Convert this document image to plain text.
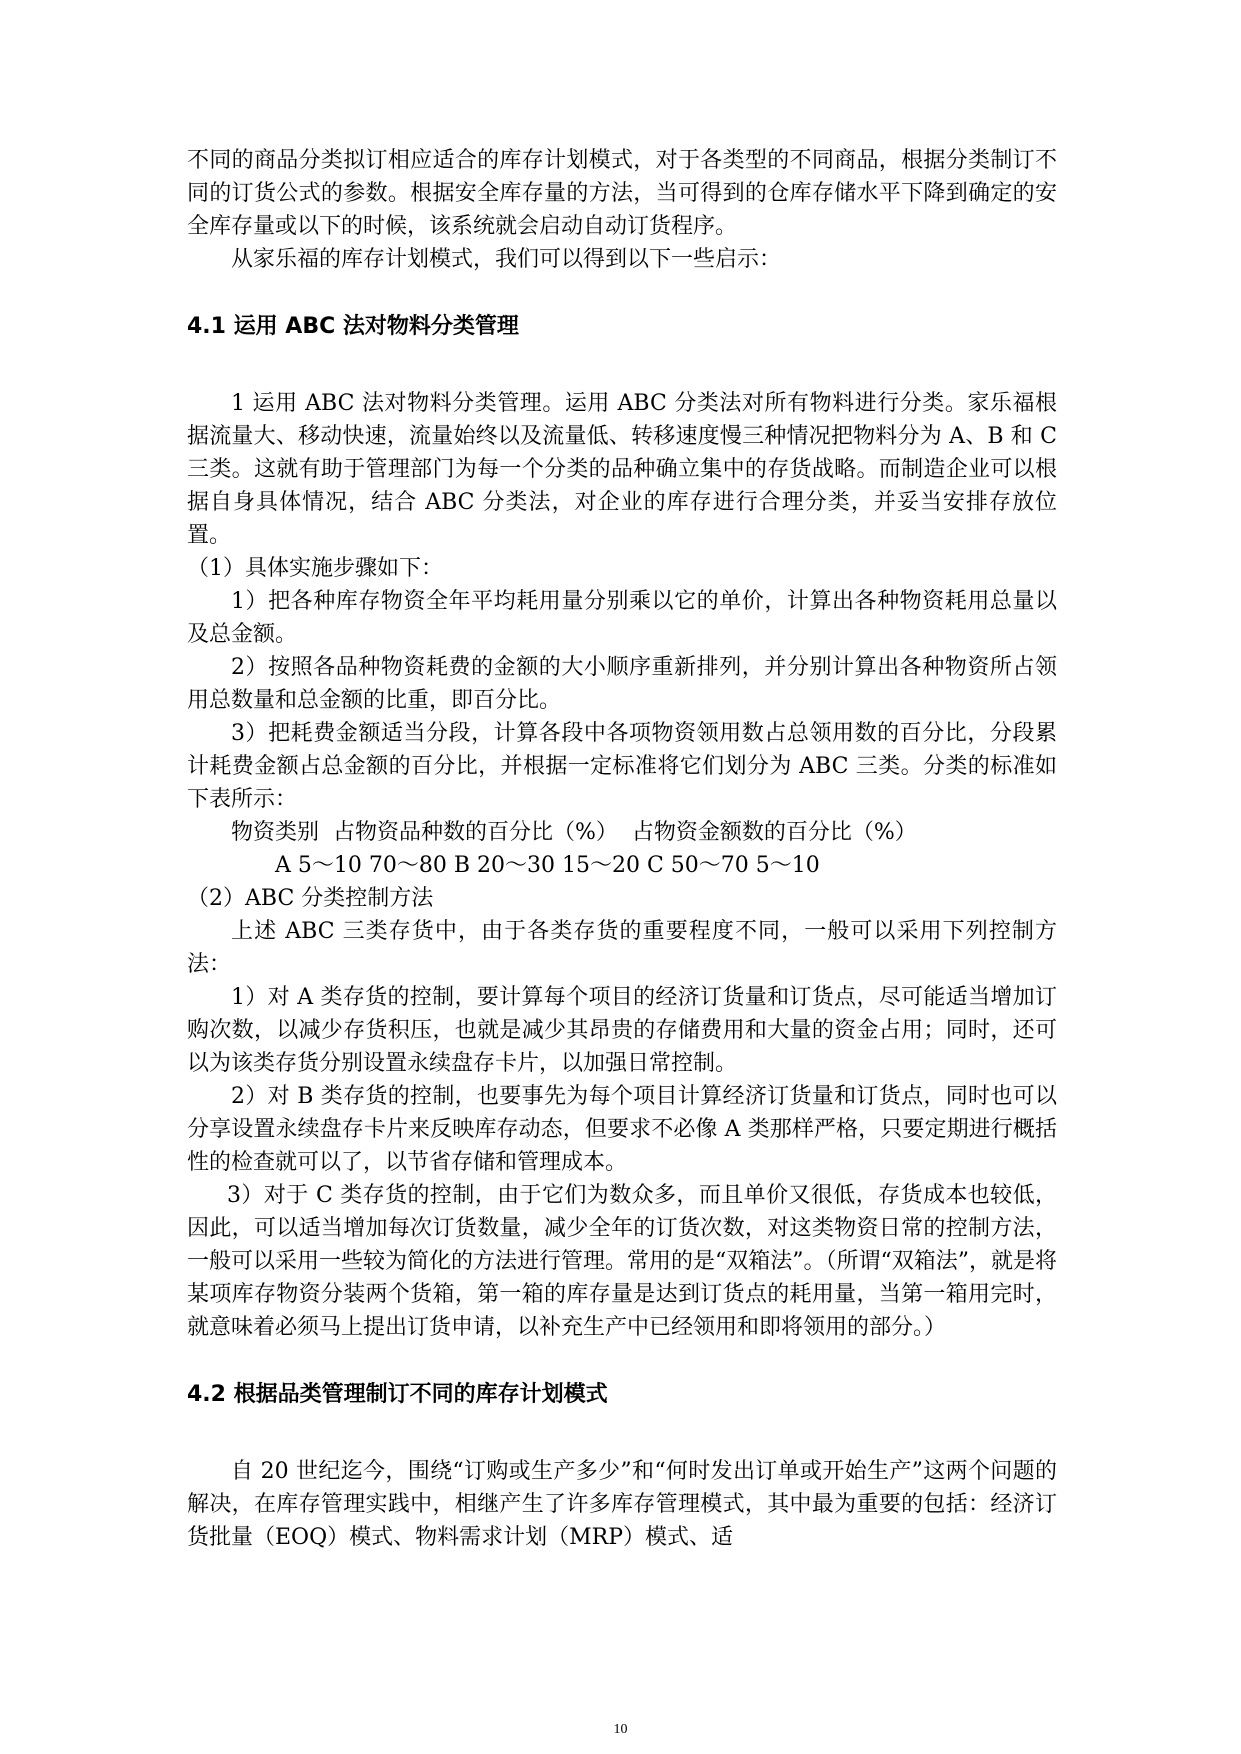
不同的商品分类拟订相应适合的库存计划模式，对于各类型的不同商品，根据分类制订不同的订货公式的参数。根据安全库存量的方法，当可得到的仓库存储水平下降到确定的安全库存量或以下的时候，该系统就会启动自动订货程序。

从家乐福的库存计划模式，我们可以得到以下一些启示：

4.1 运用 ABC 法对物料分类管理

1 运用 ABC 法对物料分类管理。运用 ABC 分类法对所有物料进行分类。家乐福根据流量大、移动快速，流量始终以及流量低、转移速度慢三种情况把物料分为 A、B 和 C 三类。这就有助于管理部门为每一个分类的品种确立集中的存货战略。而制造企业可以根据自身具体情况，结合 ABC 分类法，对企业的库存进行合理分类，并妥当安排存放位置。

（1）具体实施步骤如下：

1）把各种库存物资全年平均耗用量分别乘以它的单价，计算出各种物资耗用总量以及总金额。

2）按照各品种物资耗费的金额的大小顺序重新排列，并分别计算出各种物资所占领用总数量和总金额的比重，即百分比。

3）把耗费金额适当分段，计算各段中各项物资领用数占总领用数的百分比，分段累计耗费金额占总金额的百分比，并根据一定标准将它们划分为 ABC 三类。分类的标准如下表所示：

物资类别  占物资品种数的百分比（%）  占物资金额数的百分比（%）

A 5～10 70～80 B 20～30 15～20 C 50～70 5～10

（2）ABC 分类控制方法

上述 ABC 三类存货中，由于各类存货的重要程度不同，一般可以采用下列控制方法：

1）对 A 类存货的控制，要计算每个项目的经济订货量和订货点，尽可能适当增加订购次数，以减少存货积压，也就是减少其昂贵的存储费用和大量的资金占用；同时，还可以为该类存货分别设置永续盘存卡片，以加强日常控制。

2）对 B 类存货的控制，也要事先为每个项目计算经济订货量和订货点，同时也可以分享设置永续盘存卡片来反映库存动态，但要求不必像 A 类那样严格，只要定期进行概括性的检查就可以了，以节省存储和管理成本。

3）对于 C 类存货的控制，由于它们为数众多，而且单价又很低，存货成本也较低，因此，可以适当增加每次订货数量，减少全年的订货次数，对这类物资日常的控制方法，一般可以采用一些较为简化的方法进行管理。常用的是“双箱法”。（所谓“双箱法”，就是将某项库存物资分装两个货箱，第一箱的库存量是达到订货点的耗用量，当第一箱用完时，就意味着必须马上提出订货申请，以补充生产中已经领用和即将领用的部分。）

4.2 根据品类管理制订不同的库存计划模式

自 20 世纪迄今，围绕“订购或生产多少”和“何时发出订单或开始生产”这两个问题的解决，在库存管理实践中，相继产生了许多库存管理模式，其中最为重要的包括：经济订货批量（EOQ）模式、物料需求计划（MRP）模式、适

10
